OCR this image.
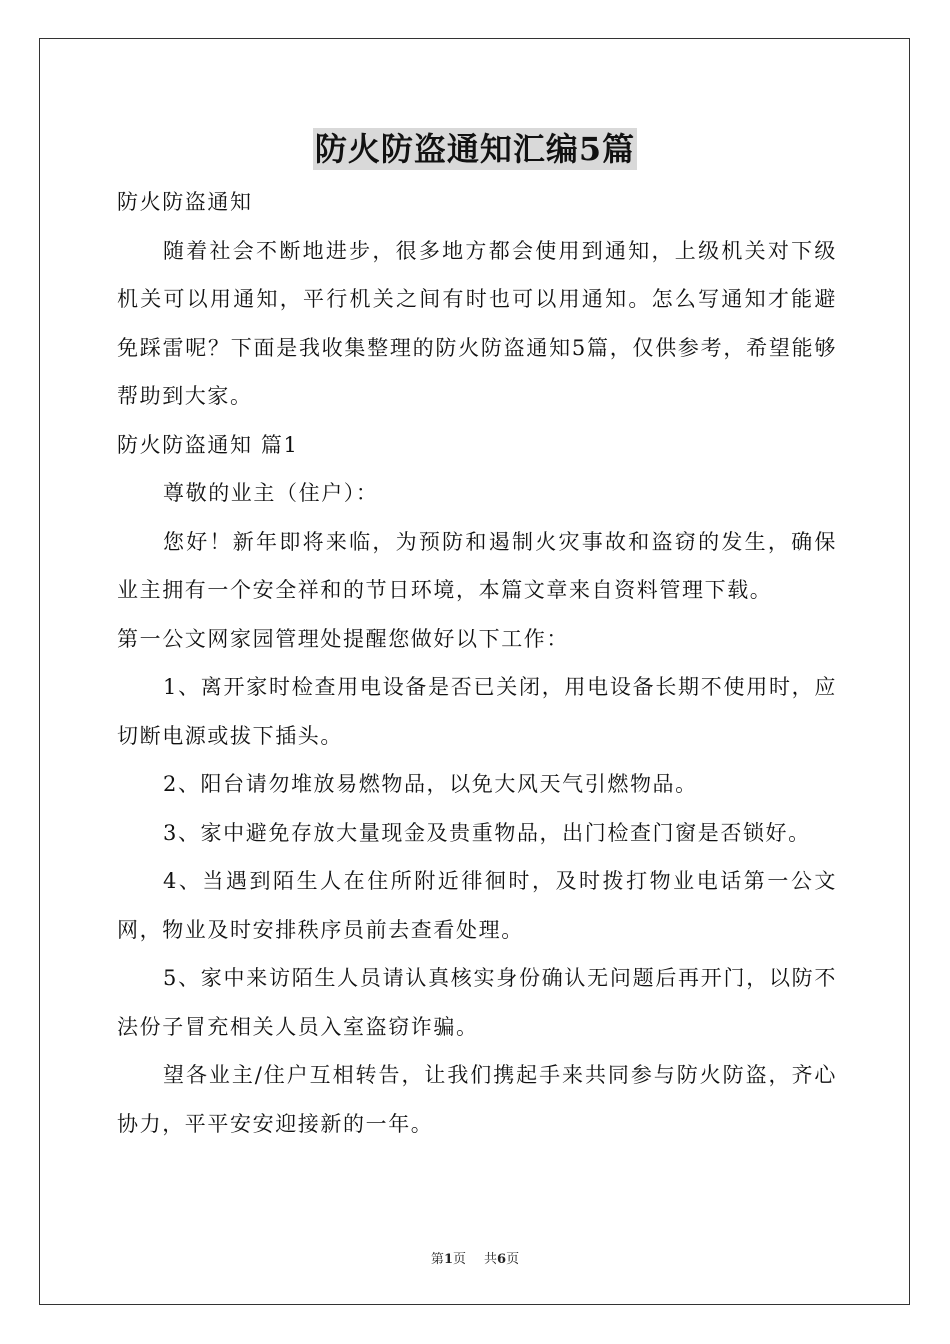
防火防盗通知汇编5篇

防火防盗通知

随着社会不断地进步，很多地方都会使用到通知，上级机关对下级机关可以用通知，平行机关之间有时也可以用通知。怎么写通知才能避免踩雷呢？下面是我收集整理的防火防盗通知5篇，仅供参考，希望能够帮助到大家。

防火防盗通知 篇1

尊敬的业主（住户）：

您好！新年即将来临，为预防和遏制火灾事故和盗窃的发生，确保业主拥有一个安全祥和的节日环境，本篇文章来自资料管理下载。

第一公文网家园管理处提醒您做好以下工作：

1、离开家时检查用电设备是否已关闭，用电设备长期不使用时，应切断电源或拔下插头。

2、阳台请勿堆放易燃物品，以免大风天气引燃物品。

3、家中避免存放大量现金及贵重物品，出门检查门窗是否锁好。

4、当遇到陌生人在住所附近徘徊时，及时拨打物业电话第一公文网，物业及时安排秩序员前去查看处理。

5、家中来访陌生人员请认真核实身份确认无问题后再开门，以防不法份子冒充相关人员入室盗窃诈骗。

望各业主/住户互相转告，让我们携起手来共同参与防火防盗，齐心协力，平平安安迎接新的一年。

第1页 共6页
